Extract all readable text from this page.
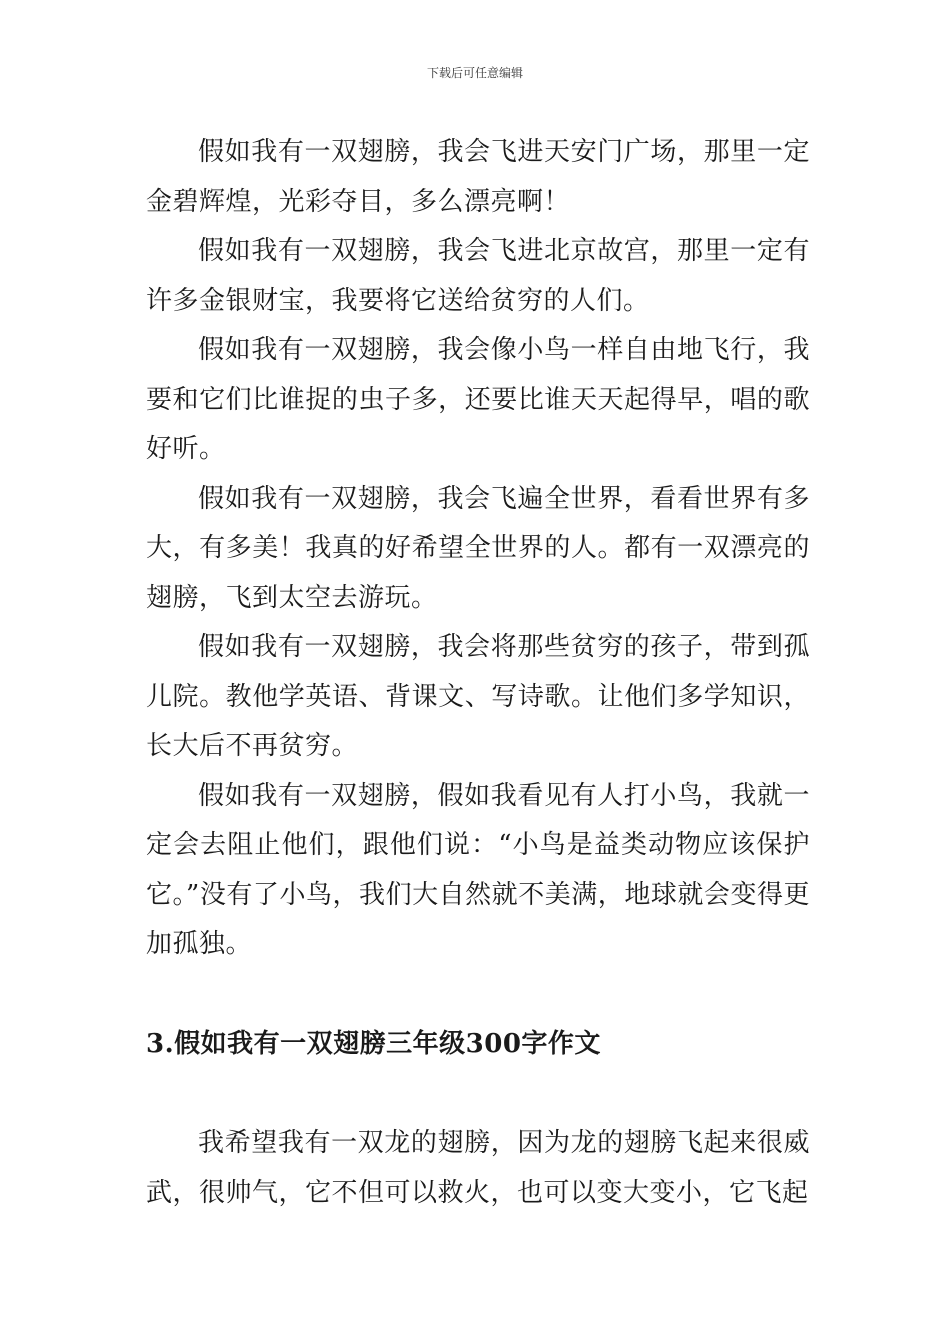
下载后可任意编辑

假如我有一双翅膀，我会飞进天安门广场，那里一定金碧辉煌，光彩夺目，多么漂亮啊！

假如我有一双翅膀，我会飞进北京故宫，那里一定有许多金银财宝，我要将它送给贫穷的人们。

假如我有一双翅膀，我会像小鸟一样自由地飞行，我要和它们比谁捉的虫子多，还要比谁天天起得早，唱的歌好听。

假如我有一双翅膀，我会飞遍全世界，看看世界有多大，有多美！我真的好希望全世界的人。都有一双漂亮的翅膀，飞到太空去游玩。

假如我有一双翅膀，我会将那些贫穷的孩子，带到孤儿院。教他学英语、背课文、写诗歌。让他们多学知识，长大后不再贫穷。

假如我有一双翅膀，假如我看见有人打小鸟，我就一定会去阻止他们，跟他们说：“小鸟是益类动物应该保护它。”没有了小鸟，我们大自然就不美满，地球就会变得更加孤独。

3.假如我有一双翅膀三年级300字作文

我希望我有一双龙的翅膀，因为龙的翅膀飞起来很威武，很帅气，它不但可以救火，也可以变大变小，它飞起
